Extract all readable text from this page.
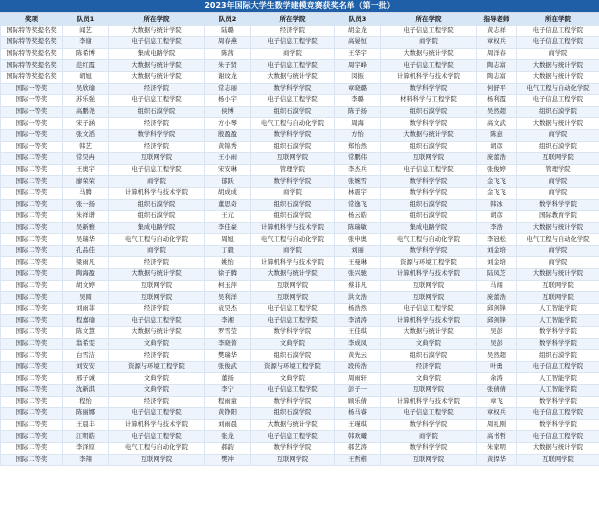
2023年国际大学生数学建模竞赛获奖名单（第一批）
奖项	队员1	所在学院	队员2	所在学院	队员3	所在学院	指导老师	所在学院
国际特等奖提名奖	闻艺	大数据与统计学院	陆璐	经济学院	胡金龙	电子信息工程学院	黄志祥	电子信息工程学院
国际特等奖提名奖	李谢	电子信息工程学院	周春燕	电子信息工程学院	高晏恒	商学院	章权兵	电子信息工程学院
国际特等奖提名奖	陈希博	集成电路学院	陈茜	商学院	王华宇	大数据与统计学院	周洋春	商学院
国际特等奖提名奖	范红霞	大数据与统计学院	朱子贤	电子信息工程学院	周宇峰	电子信息工程学院	陶志富	大数据与统计学院
国际特等奖提名奖	胡旭	大数据与统计学院	谢玟龙	大数据与统计学院	闵振	计算机科学与技术学院	陶志富	大数据与统计学院
国际一等奖	吴欣瑜	经济学院	常志丽	数学科学学院	章晓璐	数学科学学院	何舒平	电气工程与自动化学院
国际一等奖	苏乐强	电子信息工程学院	杨小宇	电子信息工程学院	李璐	材料科学与工程学院	杨利霞	电子信息工程学院
国际一等奖	高鹏尧	组织石漠学院	侯博	组织石漠学院	陈子扬	组织石漠学院	吴然超	组织石漠学院
国际一等奖	宋子涵	经济学院	方小琴	电气工程与自动化学院	周海	数学科学学院	高文武	大数据与统计学院
国际一等奖	张文滔	数学科学学院	殷盈盈	数学科学学院	方怡	大数据与统计学院	陈意	商学院
国际一等奖	韩艺	经济学院	黄锦秀	组织石漠学院	郑怡然	组织石漠学院	胡彦	组织石漠学院
国际二等奖	常昊冉	互联网学院	王小雨	互联网学院	常鹏伟	互联网学院	庞蕾浩	互联网学院
国际二等奖	王奥宇	电子信息工程学院	宋安琳	管理学院	李杰兵	电子信息工程学院	张俊婷	管理学院
国际二等奖	廖荣荣	商学院	郁跃	数学科学学院	张婉雪	数学科学学院	金飞飞	商学院
国际二等奖	马腾	计算机科学与技术学院	胡成成	商学院	林震宇	数学科学学院	金飞飞	商学院
国际二等奖	张一扬	组织石漠学院	董思奇	组织石漠学院	常逸飞	组织石漠学院	韩冰	数学科学学院
国际二等奖	朱祥谱	组织石漠学院	王元	组织石漠学院	杨云皓	组织石漠学院	胡彦	国际教育学院
国际二等奖	吴新雅	集成电路学院	李佳豪	计算机科学与技术学院	陈瑞敏	集成电路学院	李浩	大数据与统计学院
国际二等奖	吴瑞华	电气工程与自动化学院	周旭	电气工程与自动化学院	张申奥	电气工程与自动化学院	李冠松	电气工程与自动化学院
国际二等奖	孔品佳	商学院	丁毅	商学院	刘丽	数学科学学院	刘金培	商学院
国际二等奖	梁雨凡	经济学院	姚怡	计算机科学与技术学院	王曼琳	资源与环境工程学院	刘金培	商学院
国际二等奖	陶海盈	大数据与统计学院	徐子腾	大数据与统计学院	张兴驰	计算机科学与技术学院	陆凤芝	大数据与统计学院
国际二等奖	胡文婷	互联网学院	柯玉萍	互联网学院	蔡非凡	互联网学院	马闯	互联网学院
国际二等奖	吴圆	互联网学院	吴利洋	互联网学院	洪文浩	互联网学院	庞蕾浩	互联网学院
国际二等奖	刘雨菲	经济学院	袁昊杰	电子信息工程学院	杨浩然	电子信息工程学院	邱剑锋	人工智能学院
国际二等奖	程嘉瑜	电子信息工程学院	李湘	电子信息工程学院	李清涛	计算机科学与技术学院	邱剑锋	人工智能学院
国际二等奖	陈文慧	大数据与统计学院	罗雪莹	数学科学学院	王佳琪	大数据与统计学院	吴彭	数学科学学院
国际二等奖	翁希雯	文典学院	李晓菁	文典学院	李成凤	文典学院	吴彭	数学科学学院
国际二等奖	白雪洁	经济学院	樊瑞华	组织石漠学院	黄先云	组织石漠学院	吴然超	组织石漠学院
国际二等奖	刘安安	资源与环境工程学院	张俊武	资源与环境工程学院	段传浩	经济学院	叶勇	电子信息工程学院
国际二等奖	邢子诚	文典学院	董扬	文典学院	周雨轩	文典学院	余涛	人工智能学院
国际二等奖	沈新淇	文典学院	李宁	电子信息工程学院	彭子一	互联网学院	张倩倩	人工智能学院
国际二等奖	程怡	经济学院	程雨童	数学科学学院	顾乐倩	计算机科学与技术学院	章飞	数学科学学院
国际二等奖	陈丽娜	电子信息工程学院	黄铮阳	组织石漠学院	杨马睿	电子信息工程学院	章权兵	电子信息工程学院
国际二等奖	王晨丰	计算机科学与技术学院	刘雨晨	大数据与统计学院	王瑾琪	数学科学学院	周礼刚	数学科学学院
国际二等奖	江明皓	电子信息工程学院	张龙	电子信息工程学院	韩欢曦	商学院	高书哲	电子信息工程学院
国际二等奖	李泽原	电气工程与自动化学院	郝韵	数学科学学院	郝艺涛	数学科学学院	朱家明	大数据与统计学院
国际二等奖	李翔	互联网学院	樊冲	互联网学院	王哲楷	互联网学院	黄捍华	互联网学院
